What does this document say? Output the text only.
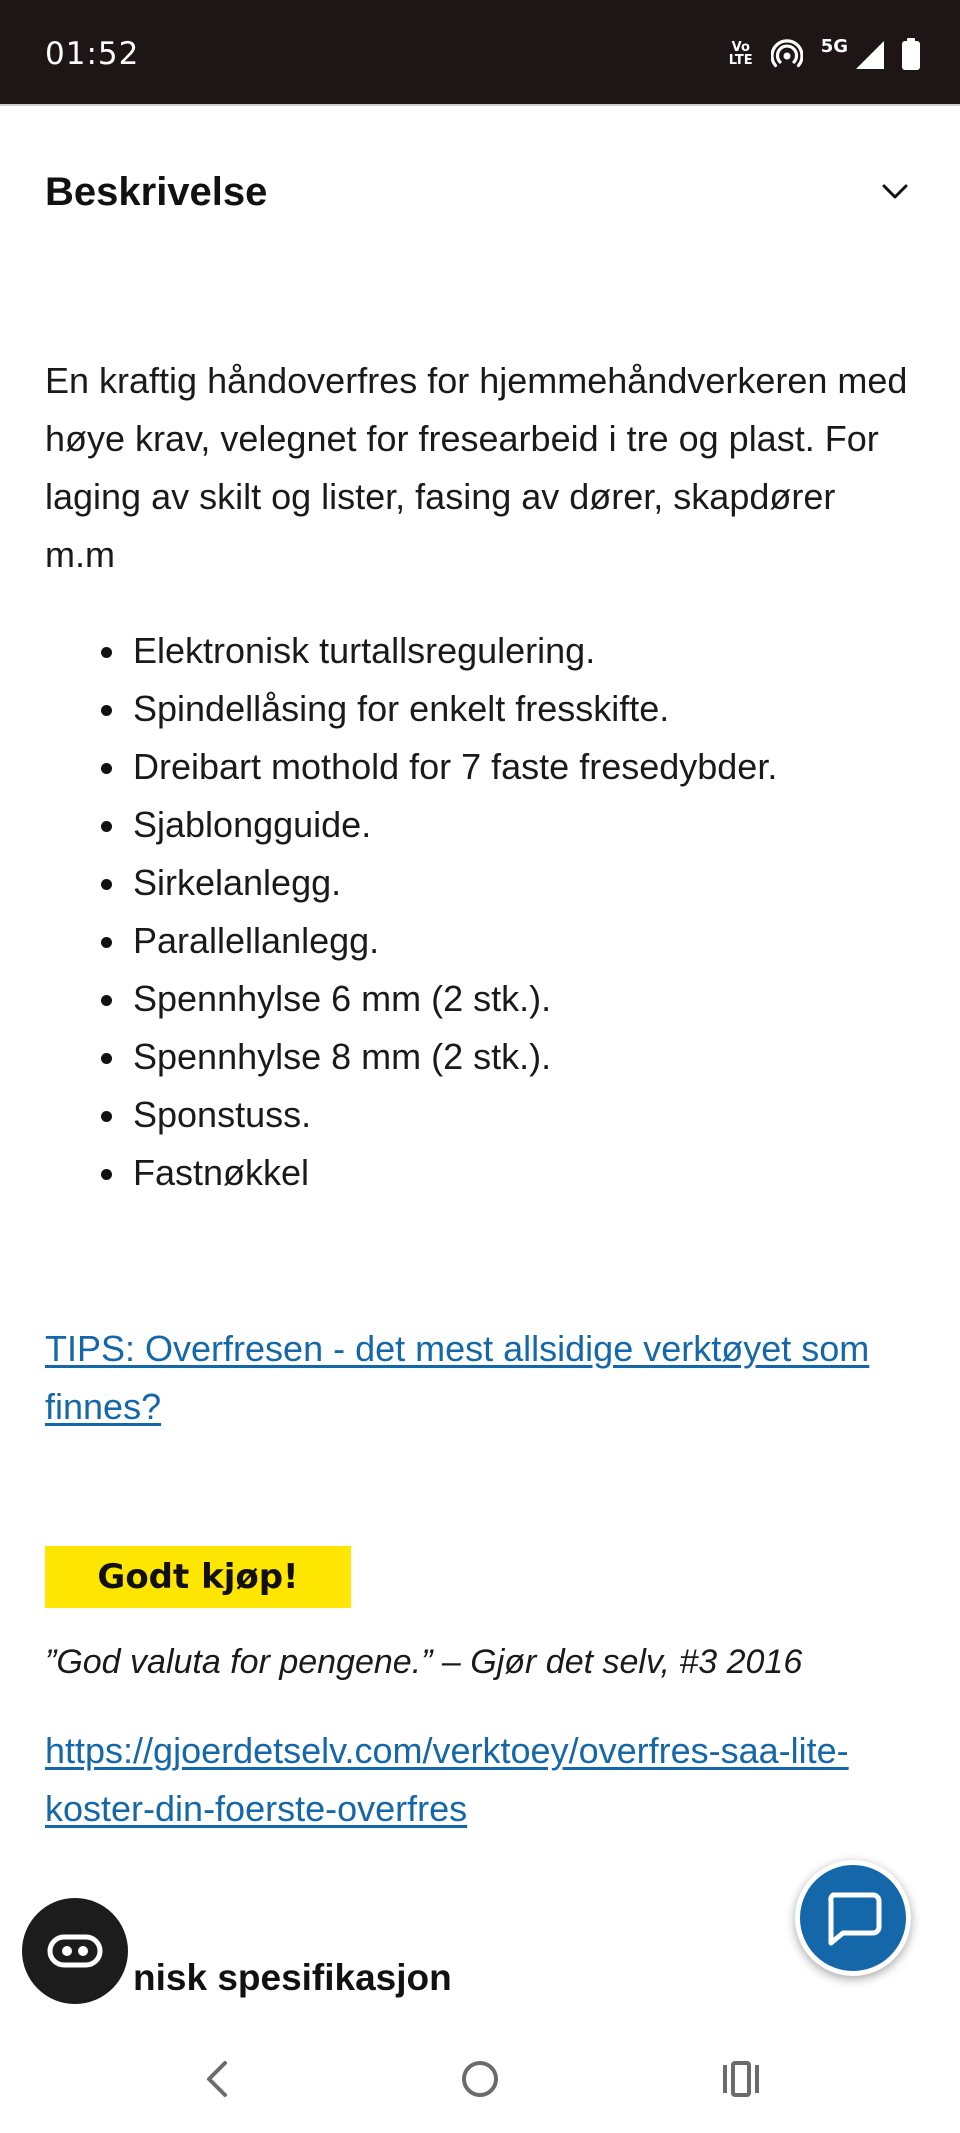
01:52	Vo
LTE
5G
Beskrivelse

En kraftig håndoverfres for hjemmehåndverkeren med høye krav, velegnet for fresearbeid i tre og plast. For laging av skilt og lister, fasing av dører, skapdører m.m

Elektronisk turtallsregulering.
Spindellåsing for enkelt fresskifte.
Dreibart mothold for 7 faste fresedybder.
Sjablongguide.
Sirkelanlegg.
Parallellanlegg.
Spennhylse 6 mm (2 stk.).
Spennhylse 8 mm (2 stk.).
Sponstuss.
Fastnøkkel
TIPS: Overfresen - det mest allsidige verktøyet som finnes?
Godt kjøp!
”God valuta for pengene.” – Gjør det selv, #3 2016
https://gjoerdetselv.com/verktoey/overfres-saa-lite-koster-din-foerste-overfres
nisk spesifikasjon
